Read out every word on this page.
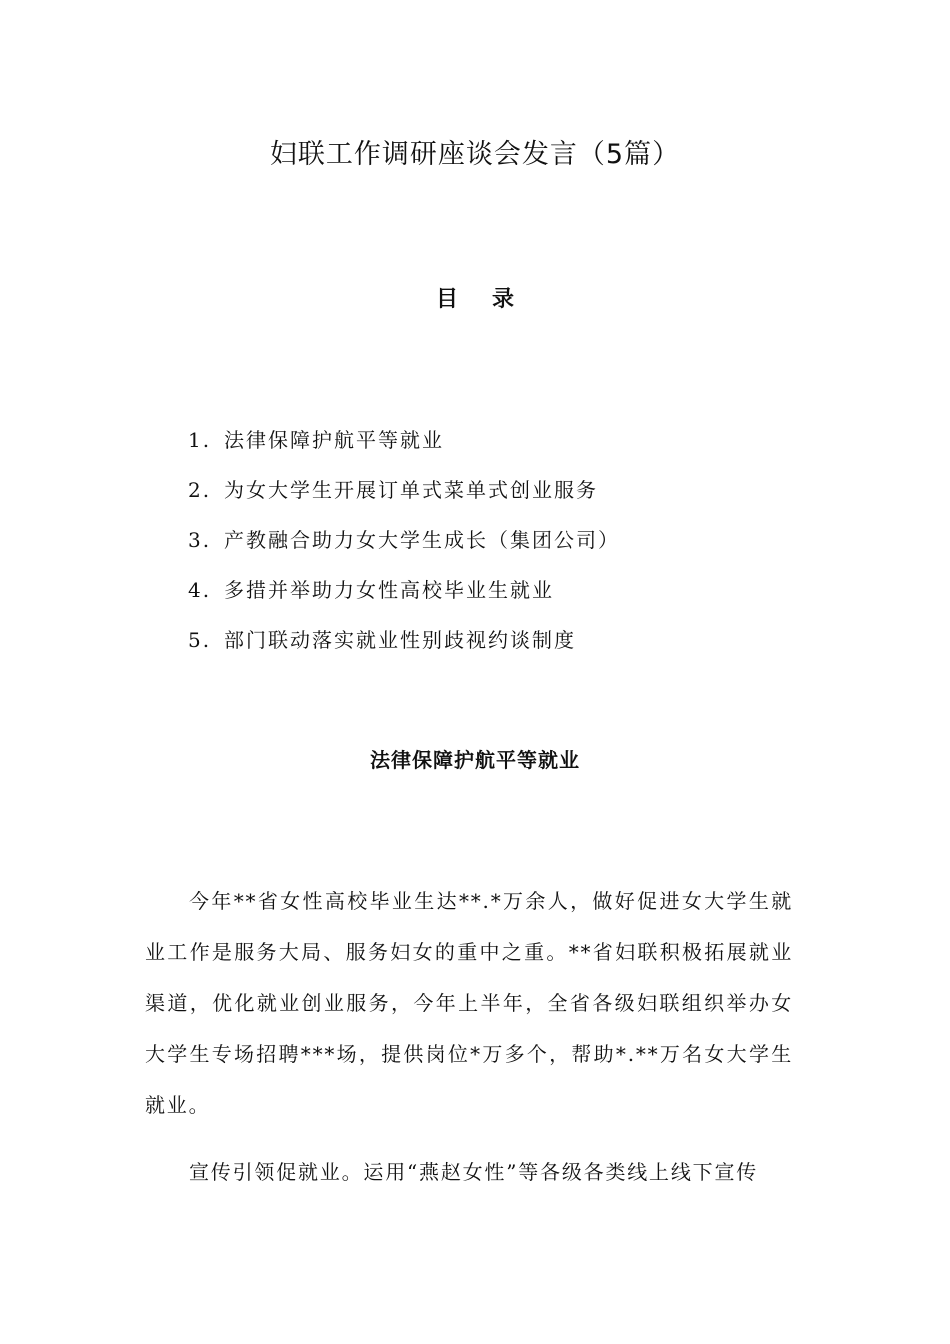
妇联工作调研座谈会发言（5篇）
目 录
1. 法律保障护航平等就业
2. 为女大学生开展订单式菜单式创业服务
3. 产教融合助力女大学生成长（集团公司）
4. 多措并举助力女性高校毕业生就业
5. 部门联动落实就业性别歧视约谈制度
法律保障护航平等就业

今年**省女性高校毕业生达**.*万余人，做好促进女大学生就业工作是服务大局、服务妇女的重中之重。**省妇联积极拓展就业渠道，优化就业创业服务，今年上半年，全省各级妇联组织举办女大学生专场招聘***场，提供岗位*万多个，帮助*.**万名女大学生就业。

宣传引领促就业。运用“燕赵女性”等各级各类线上线下宣传
